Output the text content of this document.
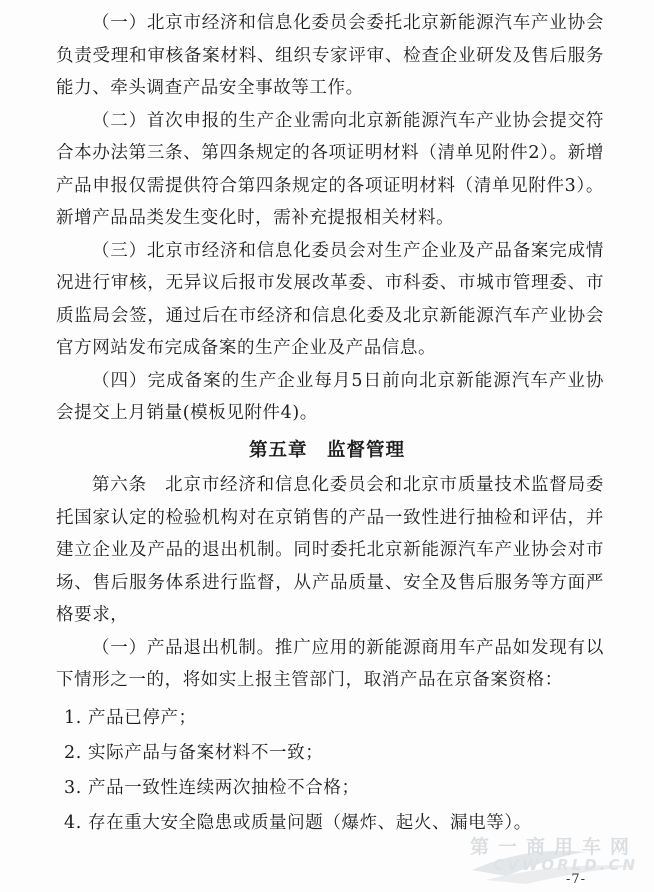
（一）北京市经济和信息化委员会委托北京新能源汽车产业协会负责受理和审核备案材料、组织专家评审、检查企业研发及售后服务能力、牵头调查产品安全事故等工作。

（二）首次申报的生产企业需向北京新能源汽车产业协会提交符合本办法第三条、第四条规定的各项证明材料（清单见附件2）。新增产品申报仅需提供符合第四条规定的各项证明材料（清单见附件3）。新增产品品类发生变化时，需补充提报相关材料。

（三）北京市经济和信息化委员会对生产企业及产品备案完成情况进行审核，无异议后报市发展改革委、市科委、市城市管理委、市质监局会签，通过后在市经济和信息化委及北京新能源汽车产业协会官方网站发布完成备案的生产企业及产品信息。

（四）完成备案的生产企业每月5日前向北京新能源汽车产业协会提交上月销量(模板见附件4)。

第五章　监督管理

第六条　北京市经济和信息化委员会和北京市质量技术监督局委托国家认定的检验机构对在京销售的产品一致性进行抽检和评估，并建立企业及产品的退出机制。同时委托北京新能源汽车产业协会对市场、售后服务体系进行监督，从产品质量、安全及售后服务等方面严格要求，

（一）产品退出机制。推广应用的新能源商用车产品如发现有以下情形之一的，将如实上报主管部门，取消产品在京备案资格：

1. 产品已停产；
2. 实际产品与备案材料不一致；
3. 产品一致性连续两次抽检不合格；
4. 存在重大安全隐患或质量问题（爆炸、起火、漏电等）。
第一商用车网
CVWORLD.CN
-7-
